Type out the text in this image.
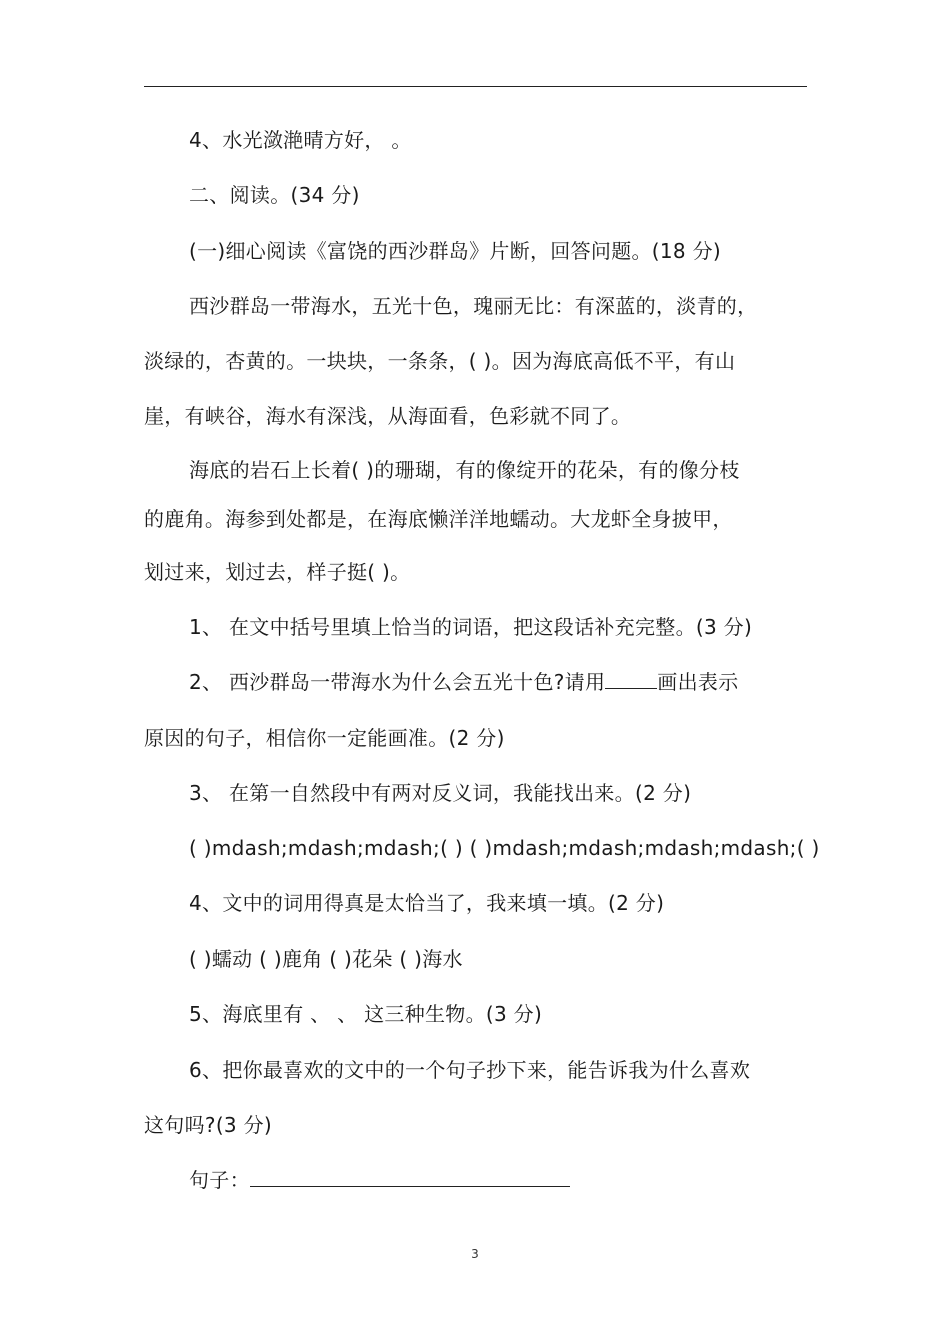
4、水光潋滟晴方好， 。
二、阅读。(34 分)
(一)细心阅读《富饶的西沙群岛》片断，回答问题。(18 分)
西沙群岛一带海水，五光十色，瑰丽无比：有深蓝的，淡青的，
淡绿的，杏黄的。一块块，一条条，( )。因为海底高低不平，有山
崖，有峡谷，海水有深浅，从海面看，色彩就不同了。
海底的岩石上长着( )的珊瑚，有的像绽开的花朵，有的像分枝
的鹿角。海参到处都是，在海底懒洋洋地蠕动。大龙虾全身披甲，
划过来，划过去，样子挺( )。
1、 在文中括号里填上恰当的词语，把这段话补充完整。(3 分)
2、 西沙群岛一带海水为什么会五光十色?请用	画出表示
原因的句子，相信你一定能画准。(2 分)
3、 在第一自然段中有两对反义词，我能找出来。(2 分)
( )mdash;mdash;mdash;( ) ( )mdash;mdash;mdash;mdash;( )
4、文中的词用得真是太恰当了，我来填一填。(2 分)
( )蠕动 ( )鹿角 ( )花朵 ( )海水
5、海底里有 、 、 这三种生物。(3 分)
6、把你最喜欢的文中的一个句子抄下来，能告诉我为什么喜欢
这句吗?(3 分)
句子：
3
